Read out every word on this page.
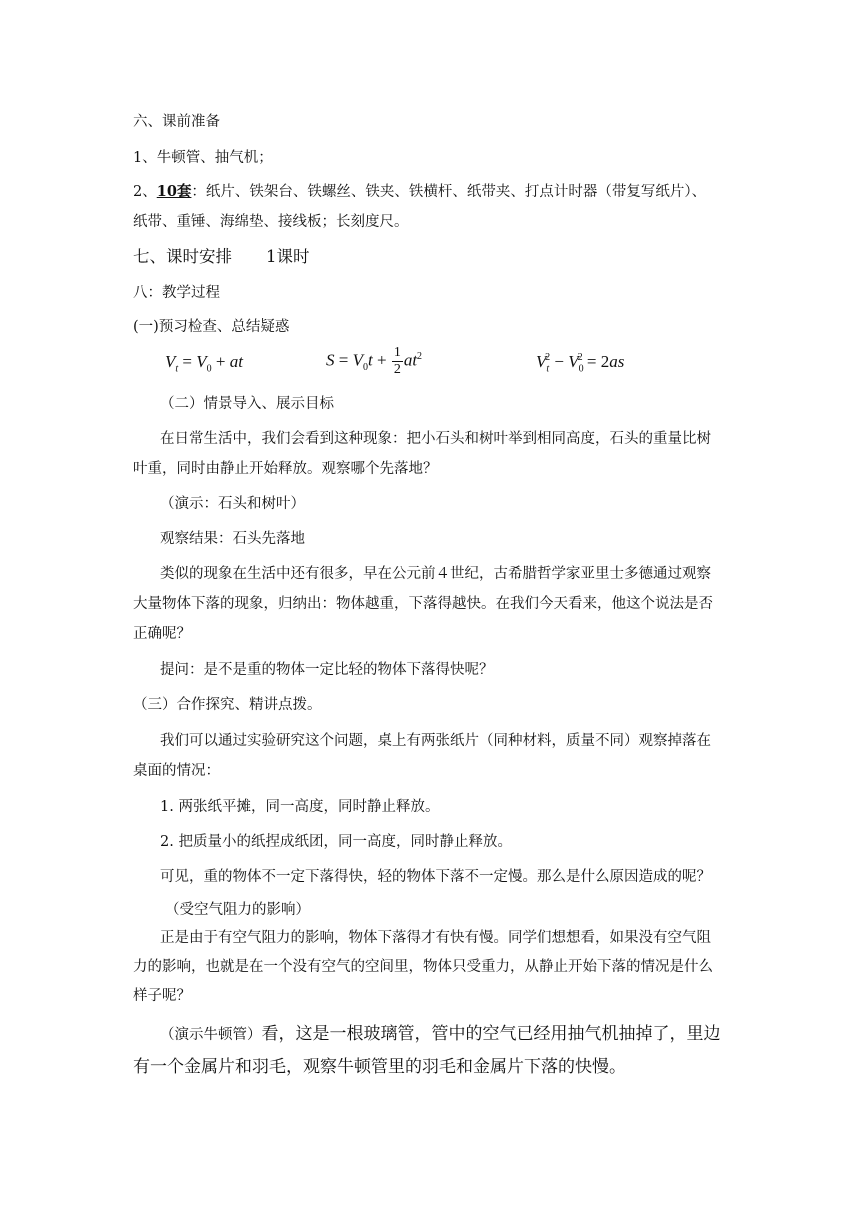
六、课前准备
1、牛顿管、抽气机；
2、10套：纸片、铁架台、铁螺丝、铁夹、铁横杆、纸带夹、打点计时器（带复写纸片）、
纸带、重锤、海绵垫、接线板；长刻度尺。
七、课时安排 1课时
八：教学过程
(一)预习检查、总结疑惑
$V_t = V_0$ + at	$S = V_0t + \frac{1}{2} at^2$	$V_t^2 - V_0^2 = 2as$
（二）情景导入、展示目标
在日常生活中，我们会看到这种现象：把小石头和树叶举到相同高度，石头的重量比树
叶重，同时由静止开始释放。观察哪个先落地？
（演示：石头和树叶）
观察结果：石头先落地
类似的现象在生活中还有很多，早在公元前４世纪，古希腊哲学家亚里士多德通过观察
大量物体下落的现象，归纳出：物体越重，下落得越快。在我们今天看来，他这个说法是否
正确呢？
提问：是不是重的物体一定比轻的物体下落得快呢？
（三）合作探究、精讲点拨。
我们可以通过实验研究这个问题，桌上有两张纸片（同种材料，质量不同）观察掉落在
桌面的情况：
1. 两张纸平摊，同一高度，同时静止释放。
2. 把质量小的纸捏成纸团，同一高度，同时静止释放。
可见，重的物体不一定下落得快，轻的物体下落不一定慢。那么是什么原因造成的呢？
（受空气阻力的影响）
正是由于有空气阻力的影响，物体下落得才有快有慢。同学们想想看，如果没有空气阻
力的影响，也就是在一个没有空气的空间里，物体只受重力，从静止开始下落的情况是什么
样子呢？
（演示牛顿管）看，这是一根玻璃管，管中的空气已经用抽气机抽掉了，里边
有一个金属片和羽毛，观察牛顿管里的羽毛和金属片下落的快慢。
